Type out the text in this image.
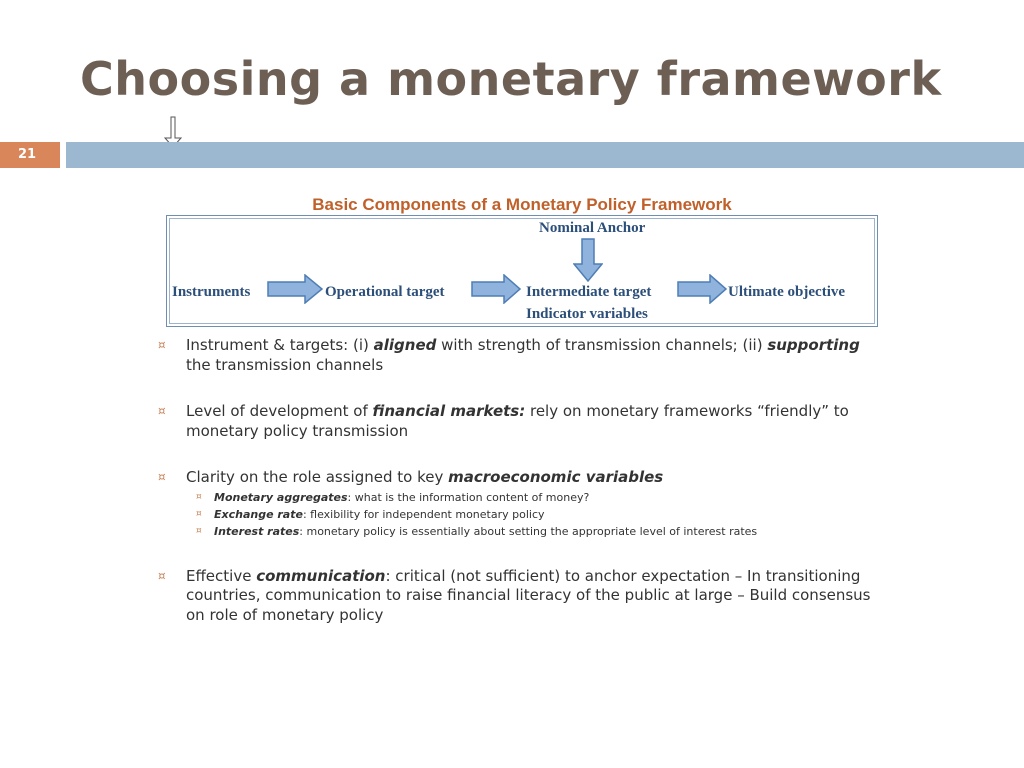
Choosing a monetary framework
21
Basic Components of a Monetary Policy Framework
Nominal Anchor
Instruments	Operational target	Intermediate target
Indicator variables
Ultimate objective
¤ Instrument & targets: (i) aligned with strength of transmission channels; (ii) supporting the transmission channels
¤ Level of development of financial markets: rely on monetary frameworks “friendly” to monetary policy transmission
¤ Clarity on the role assigned to key macroeconomic variables
¤ Monetary aggregates: what is the information content of money?
¤ Exchange rate: flexibility for independent monetary policy
¤ Interest rates: monetary policy is essentially about setting the appropriate level of interest rates
¤ Effective communication: critical (not sufficient) to anchor expectation – In transitioning countries, communication to raise financial literacy of the public at large – Build consensus on role of monetary policy
